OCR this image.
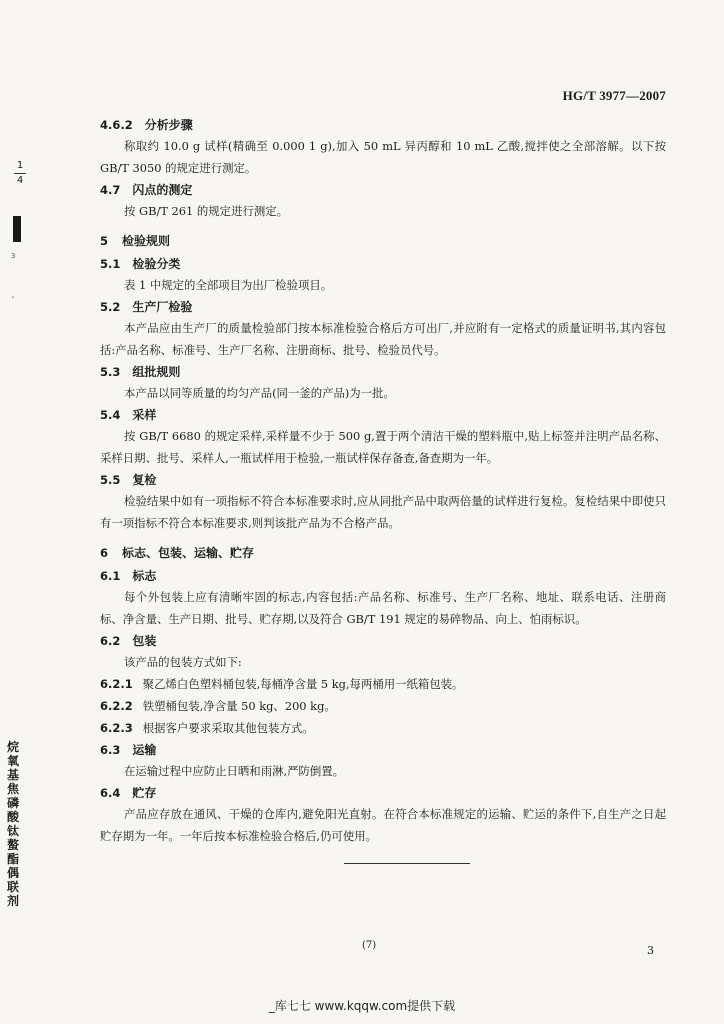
HG/T 3977—2007
1
4
3
ˇ
烷氧基焦磷酸钛螯酯偶联剂
4.6.2 分析步骤
称取约 10.0 g 试样(精确至 0.000 1 g),加入 50 mL 异丙醇和 10 mL 乙酸,搅拌使之全部溶解。以下按 GB/T 3050 的规定进行测定。
4.7 闪点的测定
按 GB/T 261 的规定进行测定。
5 检验规则
5.1 检验分类
表 1 中规定的全部项目为出厂检验项目。
5.2 生产厂检验
本产品应由生产厂的质量检验部门按本标准检验合格后方可出厂,并应附有一定格式的质量证明书,其内容包括:产品名称、标准号、生产厂名称、注册商标、批号、检验员代号。
5.3 组批规则
本产品以同等质量的均匀产品(同一釜的产品)为一批。
5.4 采样
按 GB/T 6680 的规定采样,采样量不少于 500 g,置于两个清洁干燥的塑料瓶中,贴上标签并注明产品名称、采样日期、批号、采样人,一瓶试样用于检验,一瓶试样保存备查,备查期为一年。
5.5 复检
检验结果中如有一项指标不符合本标准要求时,应从同批产品中取两倍量的试样进行复检。复检结果中即使只有一项指标不符合本标准要求,则判该批产品为不合格产品。
6 标志、包装、运输、贮存
6.1 标志
每个外包装上应有清晰牢固的标志,内容包括:产品名称、标准号、生产厂名称、地址、联系电话、注册商标、净含量、生产日期、批号、贮存期,以及符合 GB/T 191 规定的易碎物品、向上、怕雨标识。
6.2 包装
该产品的包装方式如下:
6.2.1 聚乙烯白色塑料桶包装,每桶净含量 5 kg,每两桶用一纸箱包装。
6.2.2 铁塑桶包装,净含量 50 kg、200 kg。
6.2.3 根据客户要求采取其他包装方式。
6.3 运输
在运输过程中应防止日晒和雨淋,严防倒置。
6.4 贮存
产品应存放在通风、干燥的仓库内,避免阳光直射。在符合本标准规定的运输、贮运的条件下,自生产之日起贮存期为一年。一年后按本标准检验合格后,仍可使用。
(7)	3
_库七七 www.kqqw.com提供下载
